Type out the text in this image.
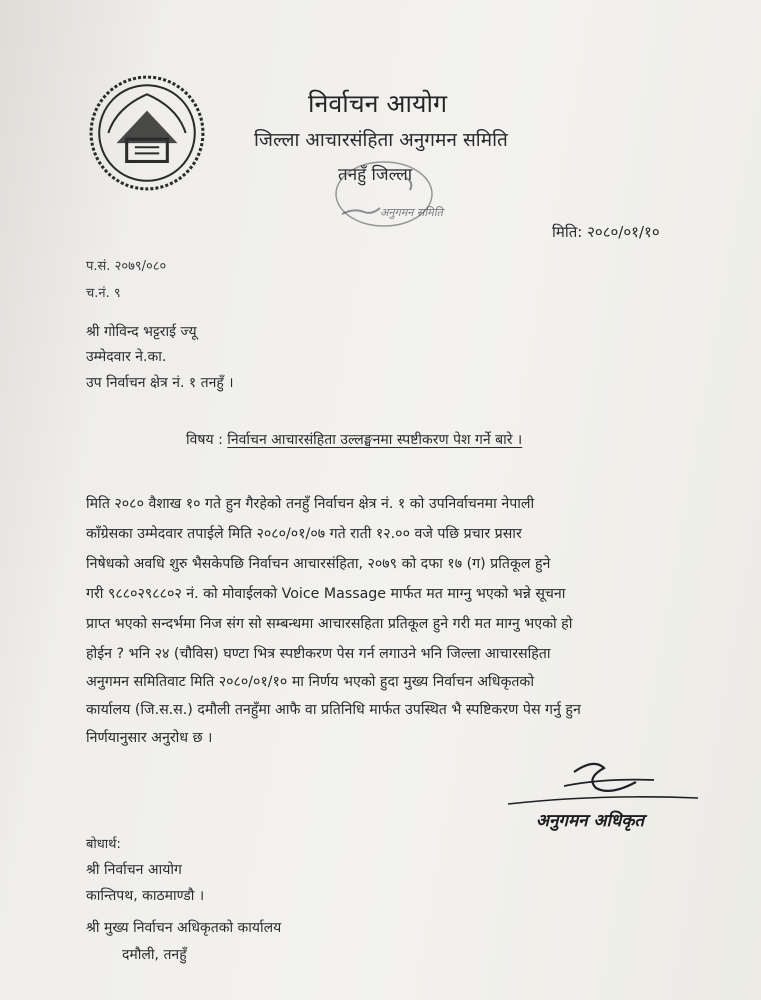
निर्वाचन आयोग
जिल्ला आचारसंहिता अनुगमन समिति
तनहुँ जिल्ला
अनुगमन समिति
मिति: २०८०/०१/१०
प.सं. २०७९/०८०
च.नं. ९
श्री गोविन्द भट्टराई ज्यू
उम्मेदवार ने.का.
उप निर्वाचन क्षेत्र नं. १ तनहुँ ।
विषय : निर्वाचन आचारसंहिता उल्लङ्घनमा स्पष्टीकरण पेश गर्ने बारे ।
मिति २०८० वैशाख १० गते हुन गैरहेको तनहुँ निर्वाचन क्षेत्र नं. १ को उपनिर्वाचनमा नेपाली
काँग्रेसका उम्मेदवार तपाईले मिति २०८०/०१/०७ गते राती १२.०० वजे पछि प्रचार प्रसार
निषेधको अवधि शुरु भैसकेपछि निर्वाचन आचारसंहिता, २०७९ को दफा १७ (ग) प्रतिकूल हुने
गरी ९८८०२९८८०२ नं. को मोवाईलको Voice Massage मार्फत मत माग्नु भएको भन्ने सूचना
प्राप्त भएको सन्दर्भमा निज संग सो सम्बन्धमा आचारसहिता प्रतिकूल हुने गरी मत माग्नु भएको हो
होईन ? भनि २४ (चौविस) घण्टा भित्र स्पष्टीकरण पेस गर्न लगाउने भनि जिल्ला आचारसहिता
अनुगमन समितिवाट मिति २०८०/०१/१० मा निर्णय भएको हुदा मुख्य निर्वाचन अधिकृतको
कार्यालय (जि.स.स.) दमौली तनहुँमा आफै वा प्रतिनिधि मार्फत उपस्थित भै स्पष्टिकरण पेस गर्नु हुन
निर्णयानुसार अनुरोध छ ।
अनुगमन अधिकृत
बोधार्थ:
श्री निर्वाचन आयोग
कान्तिपथ, काठमाण्डौ ।
श्री मुख्य निर्वाचन अधिकृतको कार्यालय
दमौली, तनहुँ
